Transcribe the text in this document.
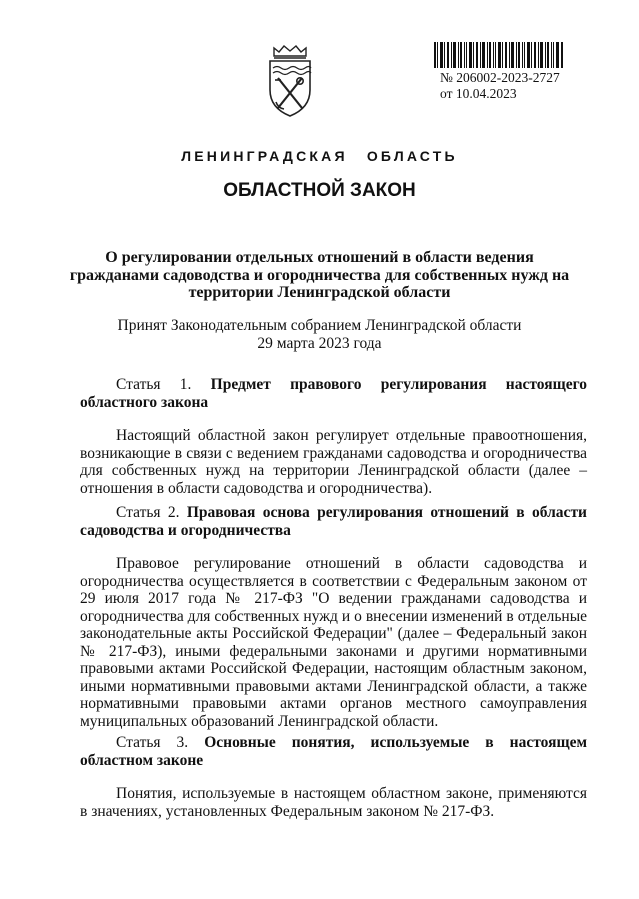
№ 206002-2023-2727
от 10.04.2023
ЛЕНИНГРАДСКАЯ ОБЛАСТЬ
ОБЛАСТНОЙ ЗАКОН
О регулировании отдельных отношений в области ведения гражданами садоводства и огородничества для собственных нужд на территории Ленинградской области
Принят Законодательным собранием Ленинградской области
29 марта 2023 года

Статья 1. Предмет правового регулирования настоящего областного закона

Настоящий областной закон регулирует отдельные правоотношения, возникающие в связи с ведением гражданами садоводства и огородничества для собственных нужд на территории Ленинградской области (далее – отношения в области садоводства и огородничества).

Статья 2. Правовая основа регулирования отношений в области садоводства и огородничества

Правовое регулирование отношений в области садоводства и огородничества осуществляется в соответствии с Федеральным законом от 29 июля 2017 года № 217-ФЗ "О ведении гражданами садоводства и огородничества для собственных нужд и о внесении изменений в отдельные законодательные акты Российской Федерации" (далее – Федеральный закон № 217-ФЗ), иными федеральными законами и другими нормативными правовыми актами Российской Федерации, настоящим областным законом, иными нормативными правовыми актами Ленинградской области, а также нормативными правовыми актами органов местного самоуправления муниципальных образований Ленинградской области.

Статья 3. Основные понятия, используемые в настоящем областном законе

Понятия, используемые в настоящем областном законе, применяются в значениях, установленных Федеральным законом № 217-ФЗ.
